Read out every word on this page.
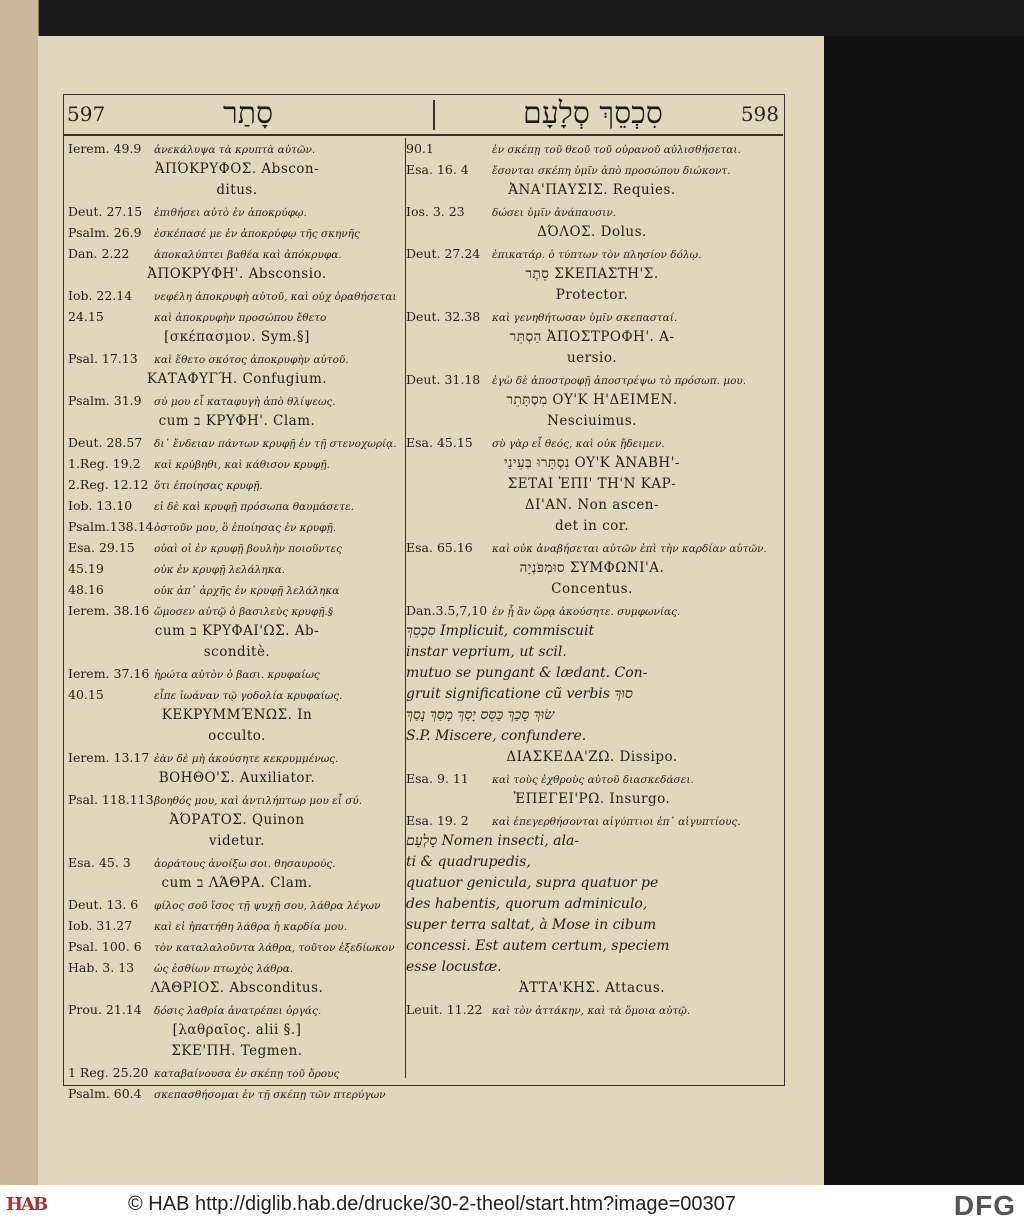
597	סָתַר	סִכְסֵךְ סְלָעָם	598
Ierem. 49.9 ἀνεκάλυψα τὰ κρυπτὰ αὐτῶν.
ἈΠΌΚΡΥΦΟΣ. Abscon-
ditus.
Deut. 27.15 ἐπιθήσει αὐτὸ ἐν ἀποκρύφῳ.
Psalm. 26.9 ἐσκέπασέ με ἐν ἀποκρύφῳ τῆς σκηνῆς
Dan. 2.22 ἀποκαλύπτει βαθέα καὶ ἀπόκρυφα.
ἈΠΟΚΡΥΦΗ'. Absconsio.
Iob. 22.14 νεφέλη ἀποκρυφὴ αὐτοῦ, καὶ οὐχ ὁραθήσεται
24.15	καὶ ἀποκρυφὴν προσώπου ἔθετο
[σκέπασμον. Sym.§]
Psal. 17.13 καὶ ἔθετο σκότος ἀποκρυφὴν αὐτοῦ.
ΚΑΤΑΦΥΓΉ. Confugium.
Psalm. 31.9 σύ μου εἶ καταφυγὴ ἀπὸ θλίψεως.
cum ב ΚΡΥΦΗ'. Clam.
Deut. 28.57 δι᾽ ἔνδειαν πάντων κρυφῇ ἐν τῇ στενοχωρίᾳ.
1.Reg. 19.2 καὶ κρύβηθι, καὶ κάθισον κρυφῇ.
2.Reg. 12.12 ὅτι ἐποίησας κρυφῇ.
Iob. 13.10 εἰ δὲ καὶ κρυφῇ πρόσωπα θαυμάσετε.
Psalm.138.14ὀστοῦν μου, ὃ ἐποίησας ἐν κρυφῇ.
Esa. 29.15 οὐαὶ οἱ ἐν κρυφῇ βουλὴν ποιοῦντες
45.19	οὐκ ἐν κρυφῇ λελάληκα.
48.16	οὐκ ἀπ᾽ ἀρχῆς ἐν κρυφῇ λελάληκα
Ierem. 38.16 ὤμοσεν αὐτῷ ὁ βασιλεὺς κρυφῇ.§
cum ב ΚΡΥΦΑΙ'ΩΣ. Ab-
sconditè.
Ierem. 37.16 ἠρώτα αὐτὸν ὁ βασι. κρυφαίως
40.15	εἶπε ἰωάναν τῷ γοδολία κρυφαίως.
ΚΕΚΡΥΜΜΈΝΩΣ. In
occulto.
Ierem. 13.17 ἐὰν δὲ μὴ ἀκούσητε κεκρυμμένως.
ΒΟΗΘΟ'Σ. Auxiliator.
Psal. 118.113βοηθός μου, καὶ ἀντιλήπτωρ μου εἶ σύ.
ἈΌΡΑΤΟΣ. Quinon
videtur.
Esa. 45. 3 ἀοράτους ἀνοίξω σοι. θησαυρούς.
cum ב ΛΆΘΡΑ. Clam.
Deut. 13. 6 φίλος σοῦ ἴσος τῇ ψυχῇ σου, λάθρα λέγων
Iob. 31.27 καὶ εἰ ἠπατήθη λάθρα ἡ καρδία μου.
Psal. 100. 6 τὸν καταλαλοῦντα λάθρα, τοῦτον ἐξεδίωκον
Hab. 3. 13 ὡς ἐσθίων πτωχὸς λάθρα.
ΛΆΘΡΙΟΣ. Absconditus.
Prou. 21.14 δόσις λαθρία ἀνατρέπει ὀργάς.
[λαθραῖος. alii §.]
ΣΚΕ'ΠΗ. Tegmen.
1 Reg. 25.20 καταβαίνουσα ἐν σκέπῃ τοῦ ὄρους
Psalm. 60.4 σκεπασθήσομαι ἐν τῇ σκέπῃ τῶν πτερύγων
90.1	ἐν σκέπῃ τοῦ θεοῦ τοῦ οὐρανοῦ αὐλισθήσεται.
Esa. 16. 4 ἔσονται σκέπη ὑμῖν ἀπὸ προσώπου διώκοντ.
ἈΝΑ'ΠΑΥΣΙΣ. Requies.
Ios. 3. 23	δώσει ὑμῖν ἀνάπαυσιν.
ΔΌΛΟΣ. Dolus.
Deut. 27.24 ἐπικατάρ. ὁ τύπτων τὸν πλησίον δόλῳ.
סֵתֶר ΣΚΕΠΑΣΤΗ'Σ.
Protector.
Deut. 32.38 καὶ γενηθήτωσαν ὑμῖν σκεπασταί.
הַסְתֵּר ἈΠΟΣΤΡΟΦΗ'. A-
uersio.
Deut. 31.18 ἐγὼ δὲ ἀποστροφῇ ἀποστρέψω τὸ πρόσωπ. μου.
מִסְתָּתֵר ΟΥ'Κ Η'ΔΕΙΜΕΝ.
Nesciuimus.
Esa. 45.15 σὺ γὰρ εἶ θεός, καὶ οὐκ ᾔδειμεν.
נִסְתָּרוּ בְּעֵינַי ΟΥ'Κ ἈΝΑΒΗ'-
ΣΕΤΑΙ ἘΠΙ' ΤΗ'Ν ΚΑΡ-
ΔΙ'ΑΝ. Non ascen-
det in cor.
Esa. 65.16 καὶ οὐκ ἀναβήσεται αὐτῶν ἐπὶ τὴν καρδίαν αὐτῶν.
סוּמְפֹּנְיָה ΣΥΜΦΩΝΙ'Α.
Concentus.
Dan.3.5,7,10 ἐν ᾗ ἂν ὥρᾳ ἀκούσητε. συμφωνίας.
סִכְסֵךְ Implicuit, commiscuit
instar veprium, ut scil.
mutuo se pungant & lædant. Con-
gruit significatione cũ verbis סוּךְ
שׂוּךְ סָכַךְ כַּסֵּס יָסַךְ מָסַךְ נָסַךְ
S.P. Miscere, confundere.
ΔΙΑΣΚΕΔΑ'ΖΩ. Dissipo.
Esa. 9. 11 καὶ τοὺς ἐχθροὺς αὐτοῦ διασκεδάσει.
ἘΠΕΓΕΙ'ΡΩ. Insurgo.
Esa. 19. 2 καὶ ἐπεγερθήσονται αἰγύπτιοι ἐπ᾽ αἰγυπτίους.
סָלְעָם Nomen insecti, ala-
ti & quadrupedis,
quatuor genicula, supra quatuor pe
des habentis, quorum adminiculo,
super terra saltat, à Mose in cibum
concessi. Est autem certum, speciem
esse locustæ.
ἈΤΤΑ'ΚΗΣ. Attacus.
Leuit. 11.22 καὶ τὸν ἀττάκην, καὶ τὰ ὅμοια αὐτῷ.
HAB	© HAB http://diglib.hab.de/drucke/30-2-theol/start.htm?image=00307	DFG
